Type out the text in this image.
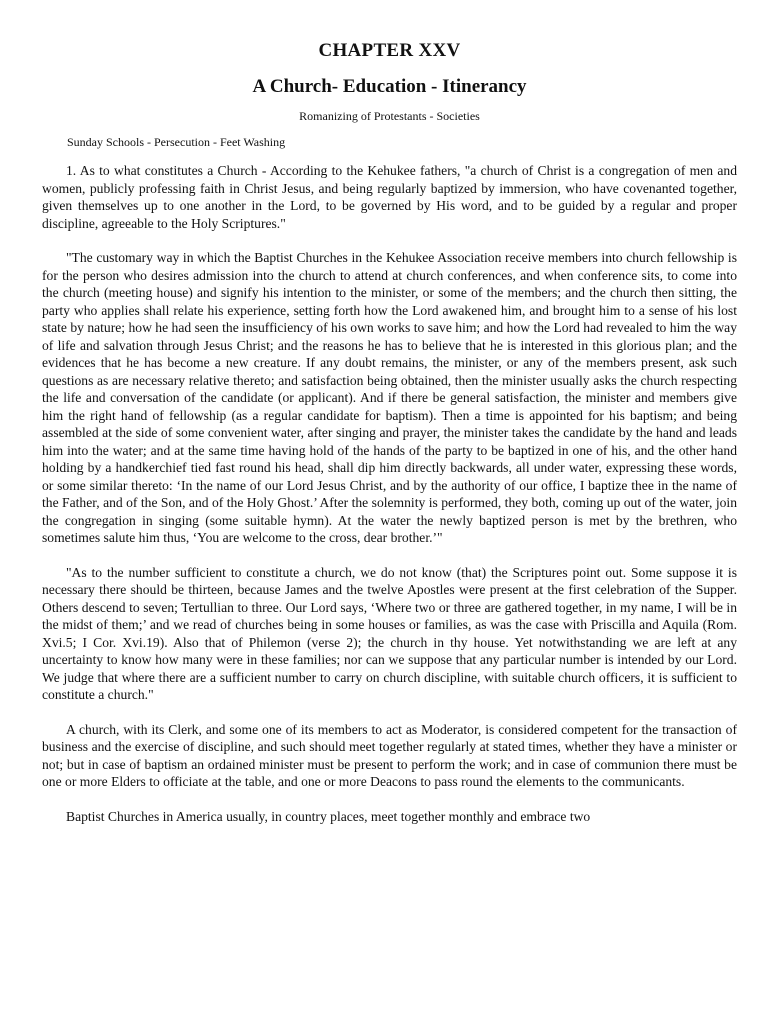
CHAPTER XXV
A Church- Education - Itinerancy

Romanizing of Protestants - Societies

Sunday Schools - Persecution - Feet Washing

1. As to what constitutes a Church - According to the Kehukee fathers, "a church of Christ is a congregation of men and women, publicly professing faith in Christ Jesus, and being regularly baptized by immersion, who have covenanted together, given themselves up to one another in the Lord, to be governed by His word, and to be guided by a regular and proper discipline, agreeable to the Holy Scriptures."

"The customary way in which the Baptist Churches in the Kehukee Association receive members into church fellowship is for the person who desires admission into the church to attend at church conferences, and when conference sits, to come into the church (meeting house) and signify his intention to the minister, or some of the members; and the church then sitting, the party who applies shall relate his experience, setting forth how the Lord awakened him, and brought him to a sense of his lost state by nature; how he had seen the insufficiency of his own works to save him; and how the Lord had revealed to him the way of life and salvation through Jesus Christ; and the reasons he has to believe that he is interested in this glorious plan; and the evidences that he has become a new creature. If any doubt remains, the minister, or any of the members present, ask such questions as are necessary relative thereto; and satisfaction being obtained, then the minister usually asks the church respecting the life and conversation of the candidate (or applicant). And if there be general satisfaction, the minister and members give him the right hand of fellowship (as a regular candidate for baptism). Then a time is appointed for his baptism; and being assembled at the side of some convenient water, after singing and prayer, the minister takes the candidate by the hand and leads him into the water; and at the same time having hold of the hands of the party to be baptized in one of his, and the other hand holding by a handkerchief tied fast round his head, shall dip him directly backwards, all under water, expressing these words, or some similar thereto: ‘In the name of our Lord Jesus Christ, and by the authority of our office, I baptize thee in the name of the Father, and of the Son, and of the Holy Ghost.’ After the solemnity is performed, they both, coming up out of the water, join the congregation in singing (some suitable hymn). At the water the newly baptized person is met by the brethren, who sometimes salute him thus, ‘You are welcome to the cross, dear brother.’"

"As to the number sufficient to constitute a church, we do not know (that) the Scriptures point out. Some suppose it is necessary there should be thirteen, because James and the twelve Apostles were present at the first celebration of the Supper. Others descend to seven; Tertullian to three. Our Lord says, ‘Where two or three are gathered together, in my name, I will be in the midst of them;’ and we read of churches being in some houses or families, as was the case with Priscilla and Aquila (Rom. Xvi.5; I Cor. Xvi.19). Also that of Philemon (verse 2); the church in thy house. Yet notwithstanding we are left at any uncertainty to know how many were in these families; nor can we suppose that any particular number is intended by our Lord. We judge that where there are a sufficient number to carry on church discipline, with suitable church officers, it is sufficient to constitute a church."

A church, with its Clerk, and some one of its members to act as Moderator, is considered competent for the transaction of business and the exercise of discipline, and such should meet together regularly at stated times, whether they have a minister or not; but in case of baptism an ordained minister must be present to perform the work; and in case of communion there must be one or more Elders to officiate at the table, and one or more Deacons to pass round the elements to the communicants.

Baptist Churches in America usually, in country places, meet together monthly and embrace two
